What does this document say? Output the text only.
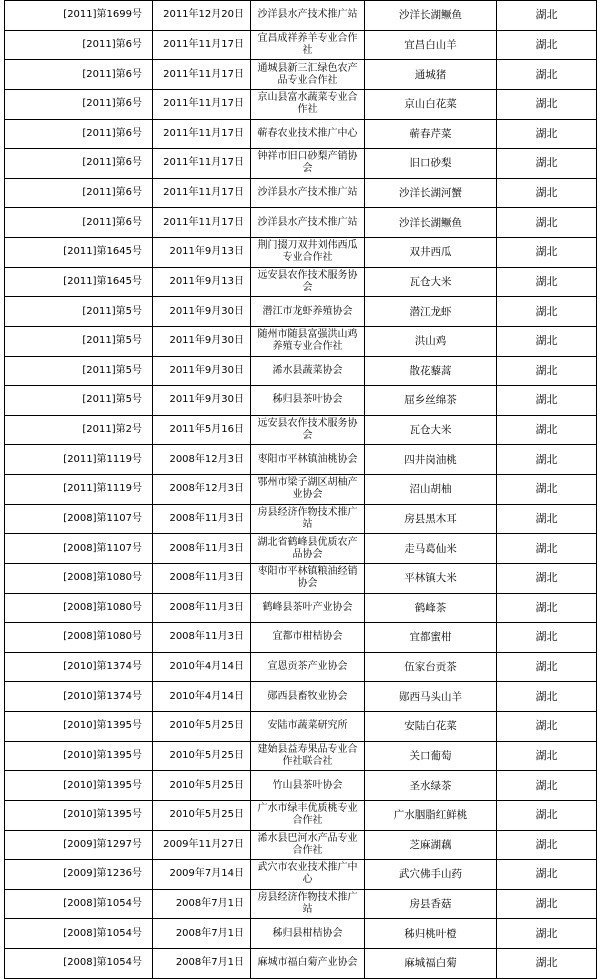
[2011]第1699号	2011年12月20日	沙洋县水产技术推广站	沙洋长湖鳜鱼	湖北
[2011]第6号	2011年11月17日	宜昌成祥养羊专业合作社	宜昌白山羊	湖北
[2011]第6号	2011年11月17日	通城县新三汇绿色农产品专业合作社	通城猪	湖北
[2011]第6号	2011年11月17日	京山县富水蔬菜专业合作社	京山白花菜	湖北
[2011]第6号	2011年11月17日	蕲春农业技术推广中心	蕲春芹菜	湖北
[2011]第6号	2011年11月17日	钟祥市旧口砂梨产销协会	旧口砂梨	湖北
[2011]第6号	2011年11月17日	沙洋县水产技术推广站	沙洋长湖河蟹	湖北
[2011]第6号	2011年11月17日	沙洋县水产技术推广站	沙洋长湖鳜鱼	湖北
[2011]第1645号	2011年9月13日	荆门掇刀双井刘伟西瓜专业合作社	双井西瓜	湖北
[2011]第1645号	2011年9月13日	远安县农作技术服务协会	瓦仓大米	湖北
[2011]第5号	2011年9月30日	潜江市龙虾养殖协会	潜江龙虾	湖北
[2011]第5号	2011年9月30日	随州市随县富强洪山鸡养殖专业合作社	洪山鸡	湖北
[2011]第5号	2011年9月30日	浠水县蔬菜协会	散花藜蒿	湖北
[2011]第5号	2011年9月30日	秭归县茶叶协会	屈乡丝绵茶	湖北
[2011]第2号	2011年5月16日	远安县农作技术服务协会	瓦仓大米	湖北
[2011]第1119号	2008年12月3日	枣阳市平林镇油桃协会	四井岗油桃	湖北
[2011]第1119号	2008年12月3日	鄂州市梁子湖区胡柚产业协会	沼山胡柚	湖北
[2008]第1107号	2008年11月3日	房县经济作物技术推广站	房县黑木耳	湖北
[2008]第1107号	2008年11月3日	湖北省鹤峰县优质农产品协会	走马葛仙米	湖北
[2008]第1080号	2008年11月3日	枣阳市平林镇粮油经销协会	平林镇大米	湖北
[2008]第1080号	2008年11月3日	鹤峰县茶叶产业协会	鹤峰茶	湖北
[2008]第1080号	2008年11月3日	宜都市柑桔协会	宜都蜜柑	湖北
[2010]第1374号	2010年4月14日	宣恩贡茶产业协会	伍家台贡茶	湖北
[2010]第1374号	2010年4月14日	郧西县畜牧业协会	郧西马头山羊	湖北
[2010]第1395号	2010年5月25日	安陆市蔬菜研究所	安陆白花菜	湖北
[2010]第1395号	2010年5月25日	建始县益寿果品专业合作社联合社	关口葡萄	湖北
[2010]第1395号	2010年5月25日	竹山县茶叶协会	圣水绿茶	湖北
[2010]第1395号	2010年5月25日	广水市绿丰优质桃专业合作社	广水胭脂红鲜桃	湖北
[2009]第1297号	2009年11月27日	浠水县巴河水产品专业合作社	芝麻湖藕	湖北
[2009]第1236号	2009年7月14日	武穴市农业技术推广中心	武穴佛手山药	湖北
[2008]第1054号	2008年7月1日	房县经济作物技术推广站	房县香菇	湖北
[2008]第1054号	2008年7月1日	秭归县柑桔协会	秭归桃叶橙	湖北
[2008]第1054号	2008年7月1日	麻城市福白菊产业协会	麻城福白菊	湖北
